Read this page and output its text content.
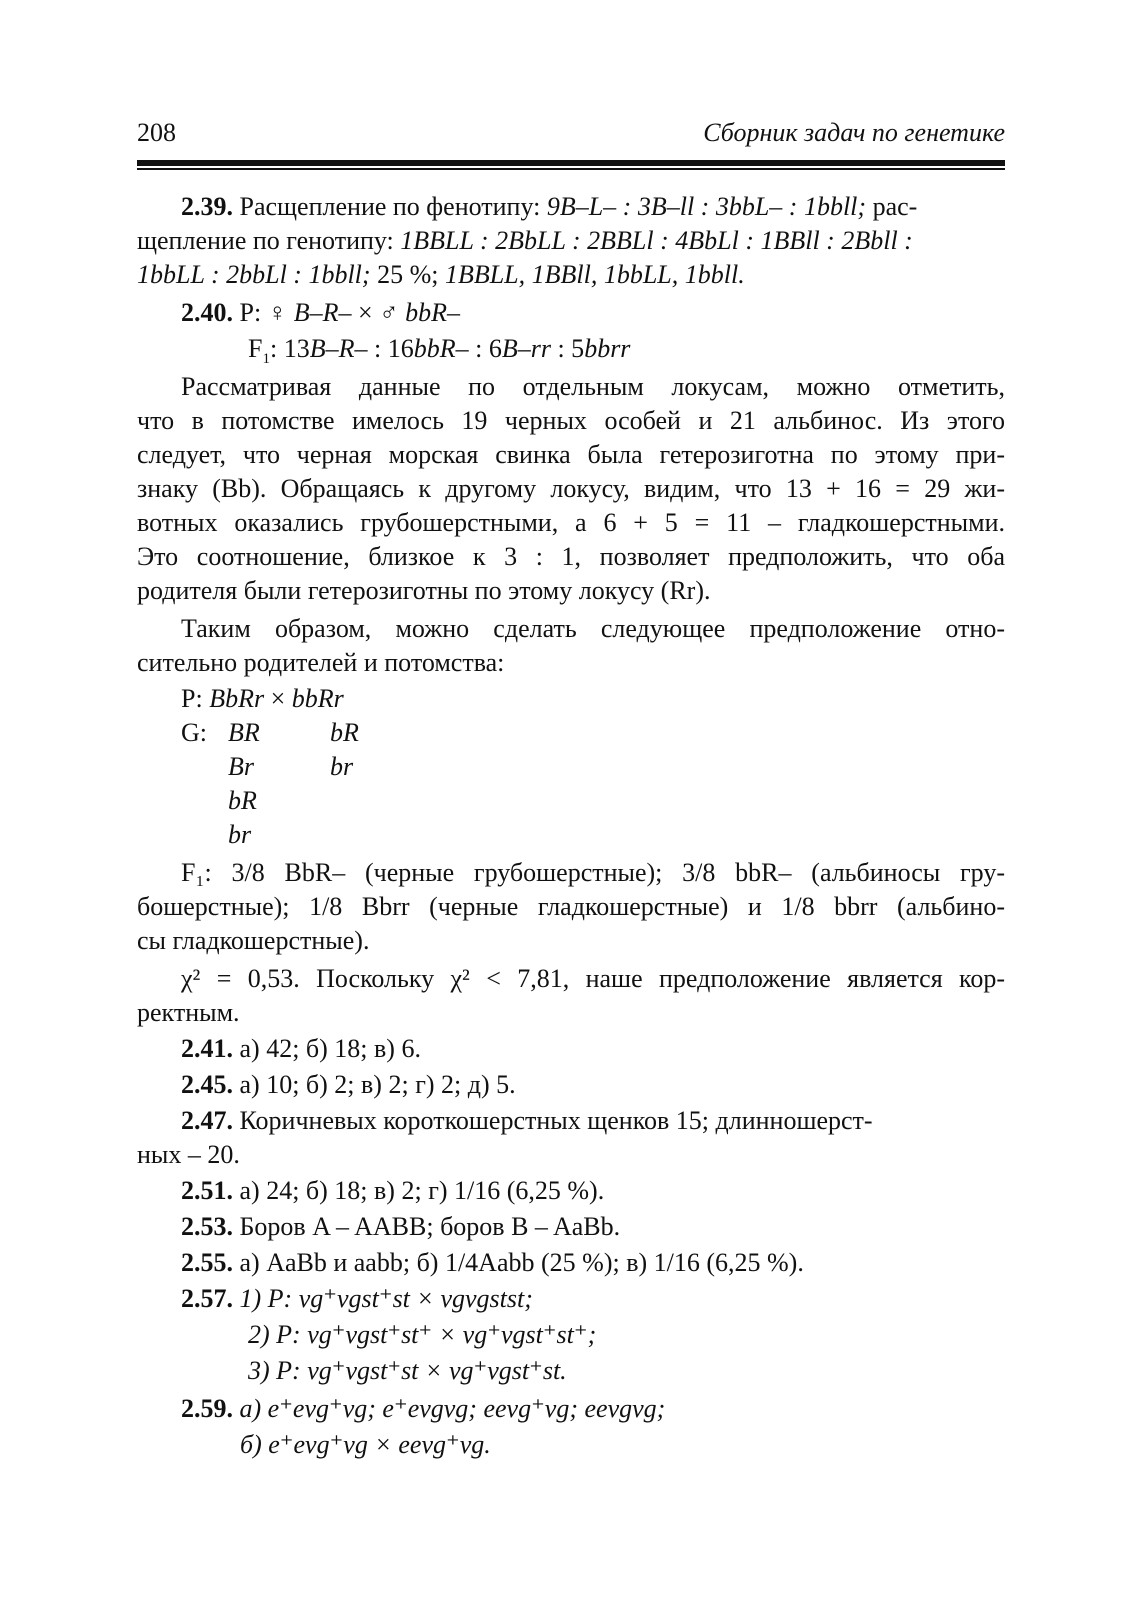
208	Сборник задач по генетике
2.39. Расщепление по фенотипу: 9B–L– : 3B–ll : 3bbL– : 1bbll; рас-
щепление по генотипу: 1BBLL : 2BbLL : 2BBLl : 4BbLl : 1BBll : 2Bbll :
1bbLL : 2bbLl : 1bbll; 25 %; 1BBLL, 1BBll, 1bbLL, 1bbll.
2.40. P: ♀ B–R– × ♂ bbR–
$F_1$: 13B–R– : 16bbR– : 6B–rr : 5bbrr
Рассматривая данные по отдельным локусам, можно отметить,
что в потомстве имелось 19 черных особей и 21 альбинос. Из этого
следует, что черная морская свинка была гетерозиготна по этому при-
знаку (Bb). Обращаясь к другому локусу, видим, что 13 + 16 = 29 жи-
вотных оказались грубошерстными, а 6 + 5 = 11 – гладкошерстными.
Это соотношение, близкое к 3 : 1, позволяет предположить, что оба
родителя были гетерозиготны по этому локусу (Rr).
Таким образом, можно сделать следующее предположение отно-
сительно родителей и потомства:
P: BbRr × bbRr
G: BR
Br
bR
br
bR
br
F₁: 3/8 BbR– (черные грубошерстные); 3/8 bbR– (альбиносы гру-
бошерстные); 1/8 Bbrr (черные гладкошерстные) и 1/8 bbrr (альбино-
сы гладкошерстные).
χ² = 0,53. Поскольку χ² < 7,81, наше предположение является кор-
ректным.
2.41. а) 42; б) 18; в) 6.
2.45. а) 10; б) 2; в) 2; г) 2; д) 5.
2.47. Коричневых короткошерстных щенков 15; длинношерст-
ных – 20.
2.51. а) 24; б) 18; в) 2; г) 1/16 (6,25 %).
2.53. Боров A – AABB; боров B – AaBb.
2.55. а) AaBb и aabb; б) 1/4Aabb (25 %); в) 1/16 (6,25 %).
2.57. 1) P: vg⁺vgst⁺st × vgvgstst;
2) P: vg⁺vgst⁺st⁺ × vg⁺vgst⁺st⁺;
3) P: vg⁺vgst⁺st × vg⁺vgst⁺st.
2.59. а) e⁺evg⁺vg; e⁺evgvg; eevg⁺vg; eevgvg;
б) e⁺evg⁺vg × eevg⁺vg.
